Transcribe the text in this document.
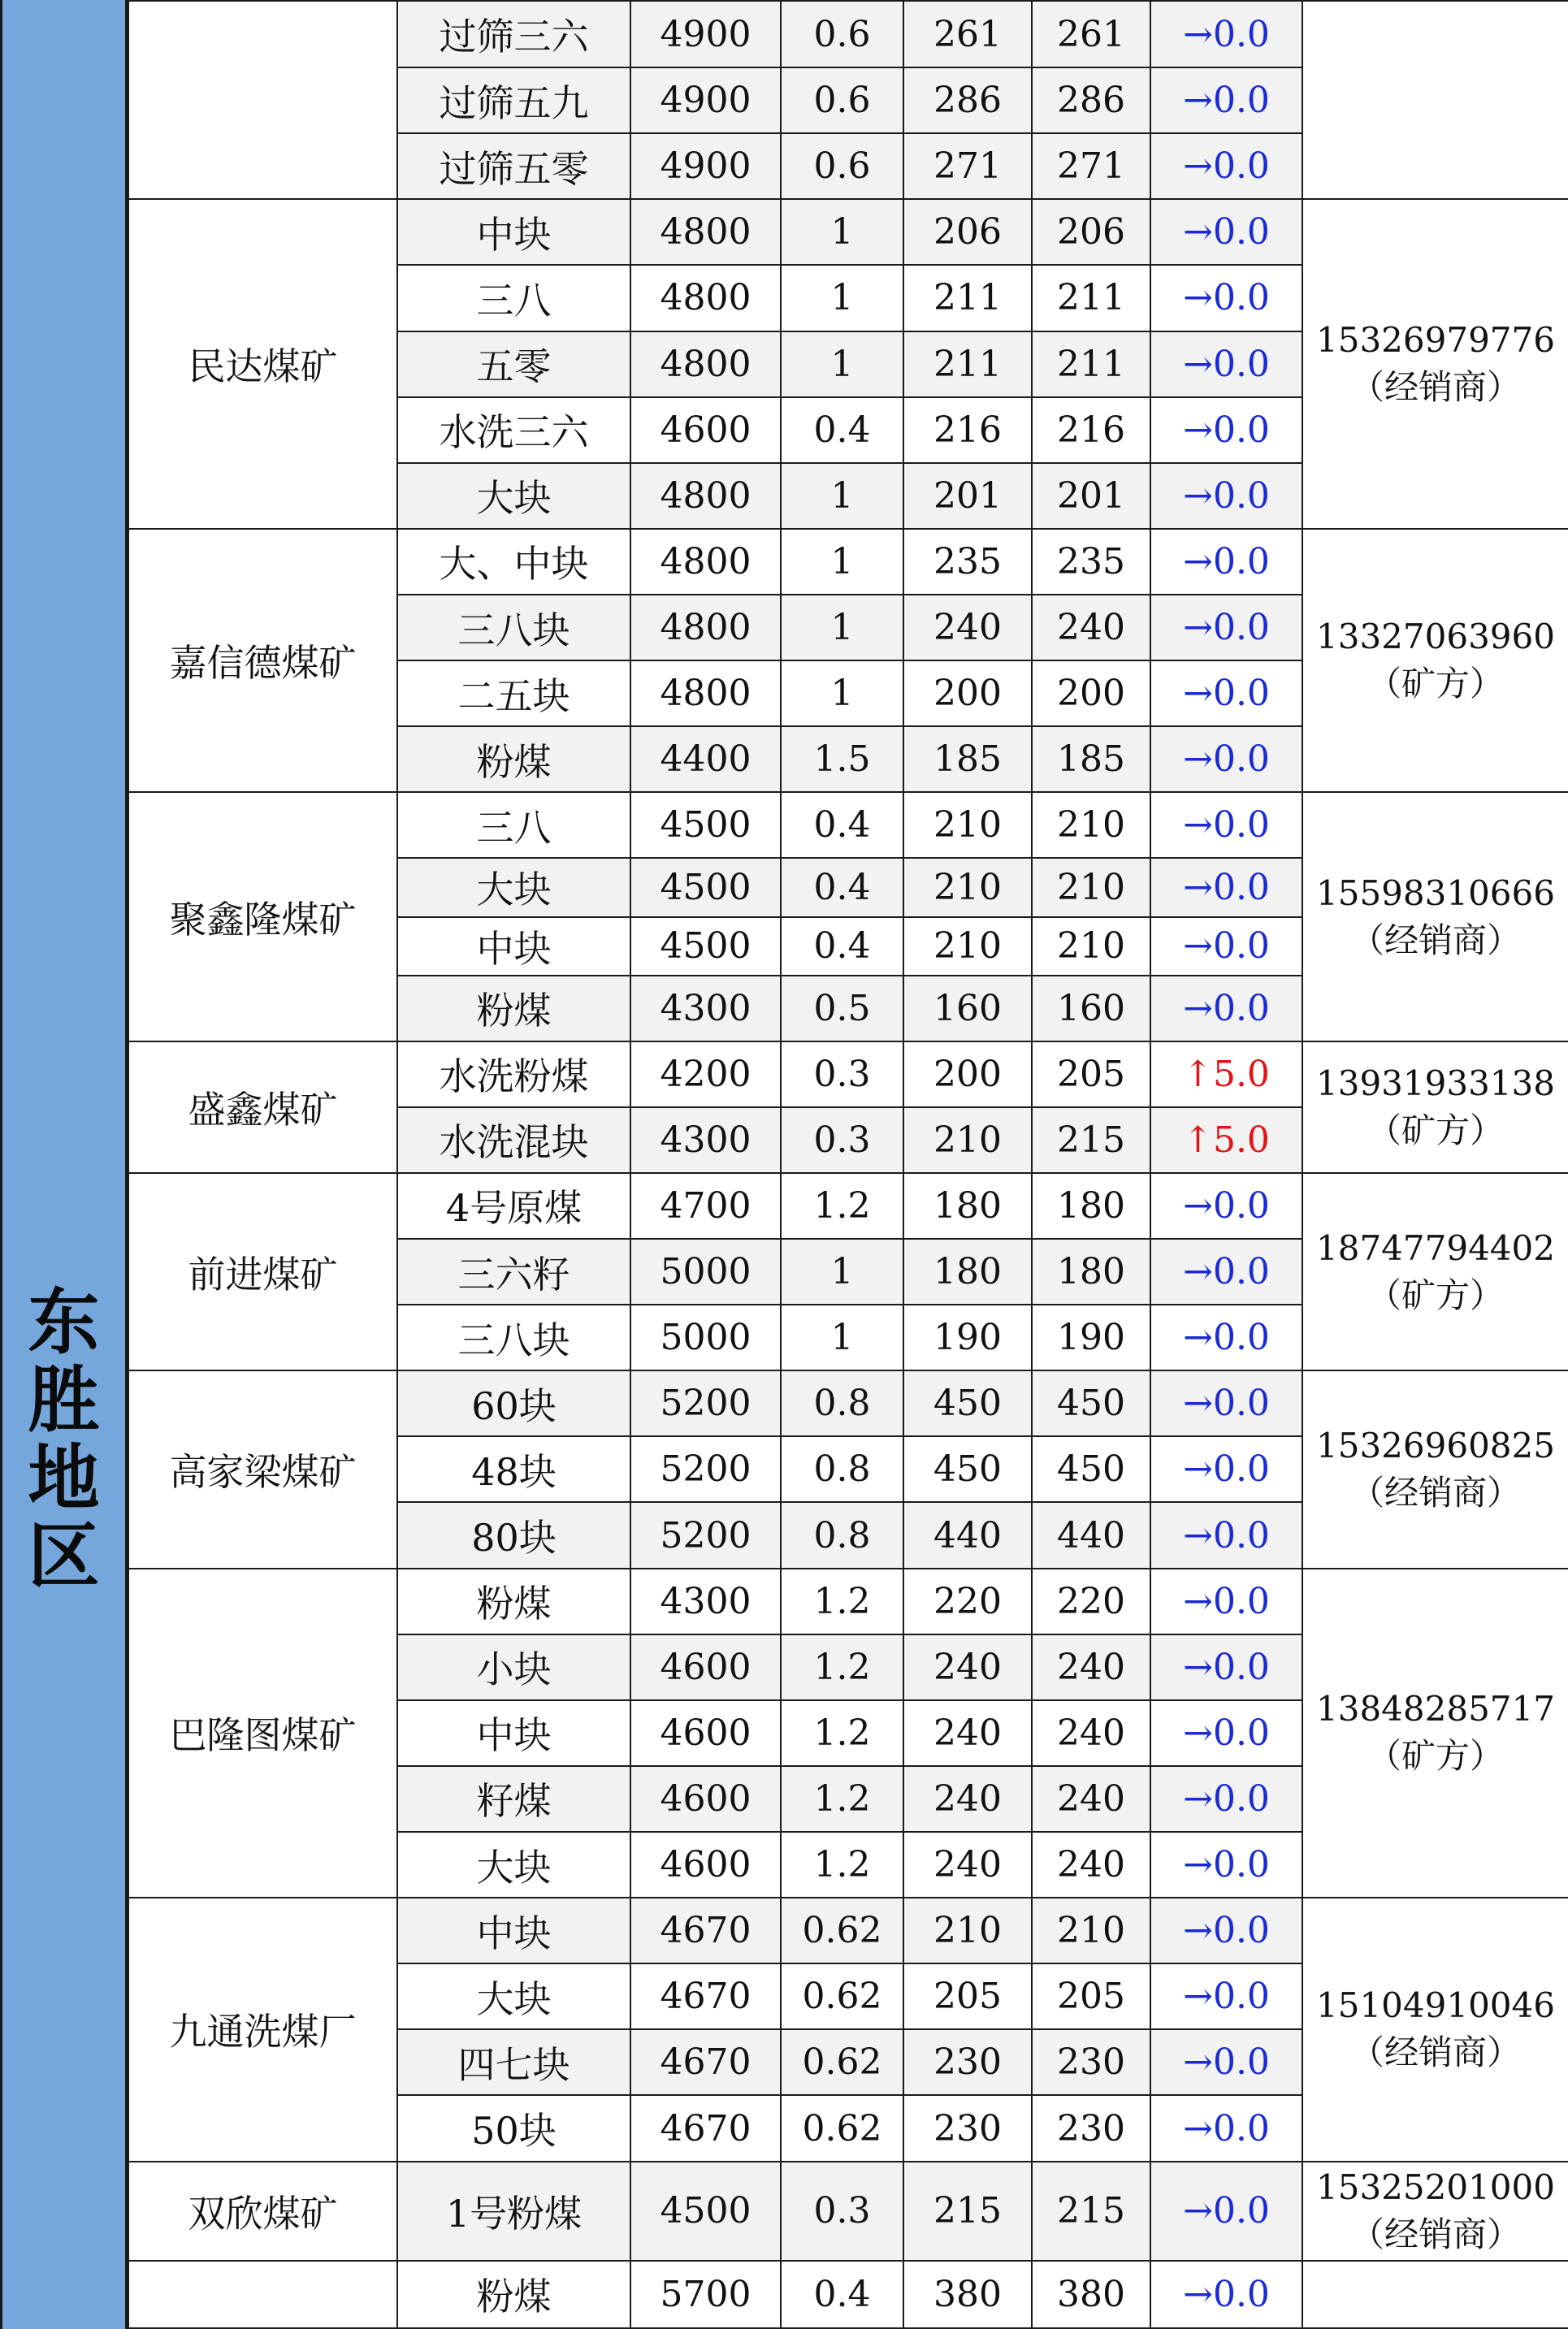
东
胜
地
区
	过筛三六	4900	0.6	261	261	→0.0	

	过筛五九	4900	0.6	286	286	→0.0	
	过筛五零	4900	0.6	271	271	→0.0	
民达煤矿	中块	4800	1	206	206	→0.0	15326979776
（经销商）

	三八	4800	1	211	211	→0.0	
	五零	4800	1	211	211	→0.0	
	水洗三六	4600	0.4	216	216	→0.0	
	大块	4800	1	201	201	→0.0	
嘉信德煤矿	大、中块	4800	1	235	235	→0.0	13327063960
（矿方）

	三八块	4800	1	240	240	→0.0	
	二五块	4800	1	200	200	→0.0	
	粉煤	4400	1.5	185	185	→0.0	
聚鑫隆煤矿	三八	4500	0.4	210	210	→0.0	15598310666
（经销商）

	大块	4500	0.4	210	210	→0.0	
	中块	4500	0.4	210	210	→0.0	
	粉煤	4300	0.5	160	160	→0.0	
盛鑫煤矿	水洗粉煤	4200	0.3	200	205	↑5.0	13931933138
（矿方）

	水洗混块	4300	0.3	210	215	↑5.0	
前进煤矿	4号原煤	4700	1.2	180	180	→0.0	18747794402
（矿方）

	三六籽	5000	1	180	180	→0.0	
	三八块	5000	1	190	190	→0.0	
高家梁煤矿	60块	5200	0.8	450	450	→0.0	15326960825
（经销商）

	48块	5200	0.8	450	450	→0.0	
	80块	5200	0.8	440	440	→0.0	
巴隆图煤矿	粉煤	4300	1.2	220	220	→0.0	13848285717
（矿方）

	小块	4600	1.2	240	240	→0.0	
	中块	4600	1.2	240	240	→0.0	
	籽煤	4600	1.2	240	240	→0.0	
	大块	4600	1.2	240	240	→0.0	
九通洗煤厂	中块	4670	0.62	210	210	→0.0	15104910046
（经销商）

	大块	4670	0.62	205	205	→0.0	
	四七块	4670	0.62	230	230	→0.0	
	50块	4670	0.62	230	230	→0.0	
双欣煤矿	1号粉煤	4500	0.3	215	215	→0.0	15325201000
（经销商）

	粉煤	5700	0.4	380	380	→0.0	
